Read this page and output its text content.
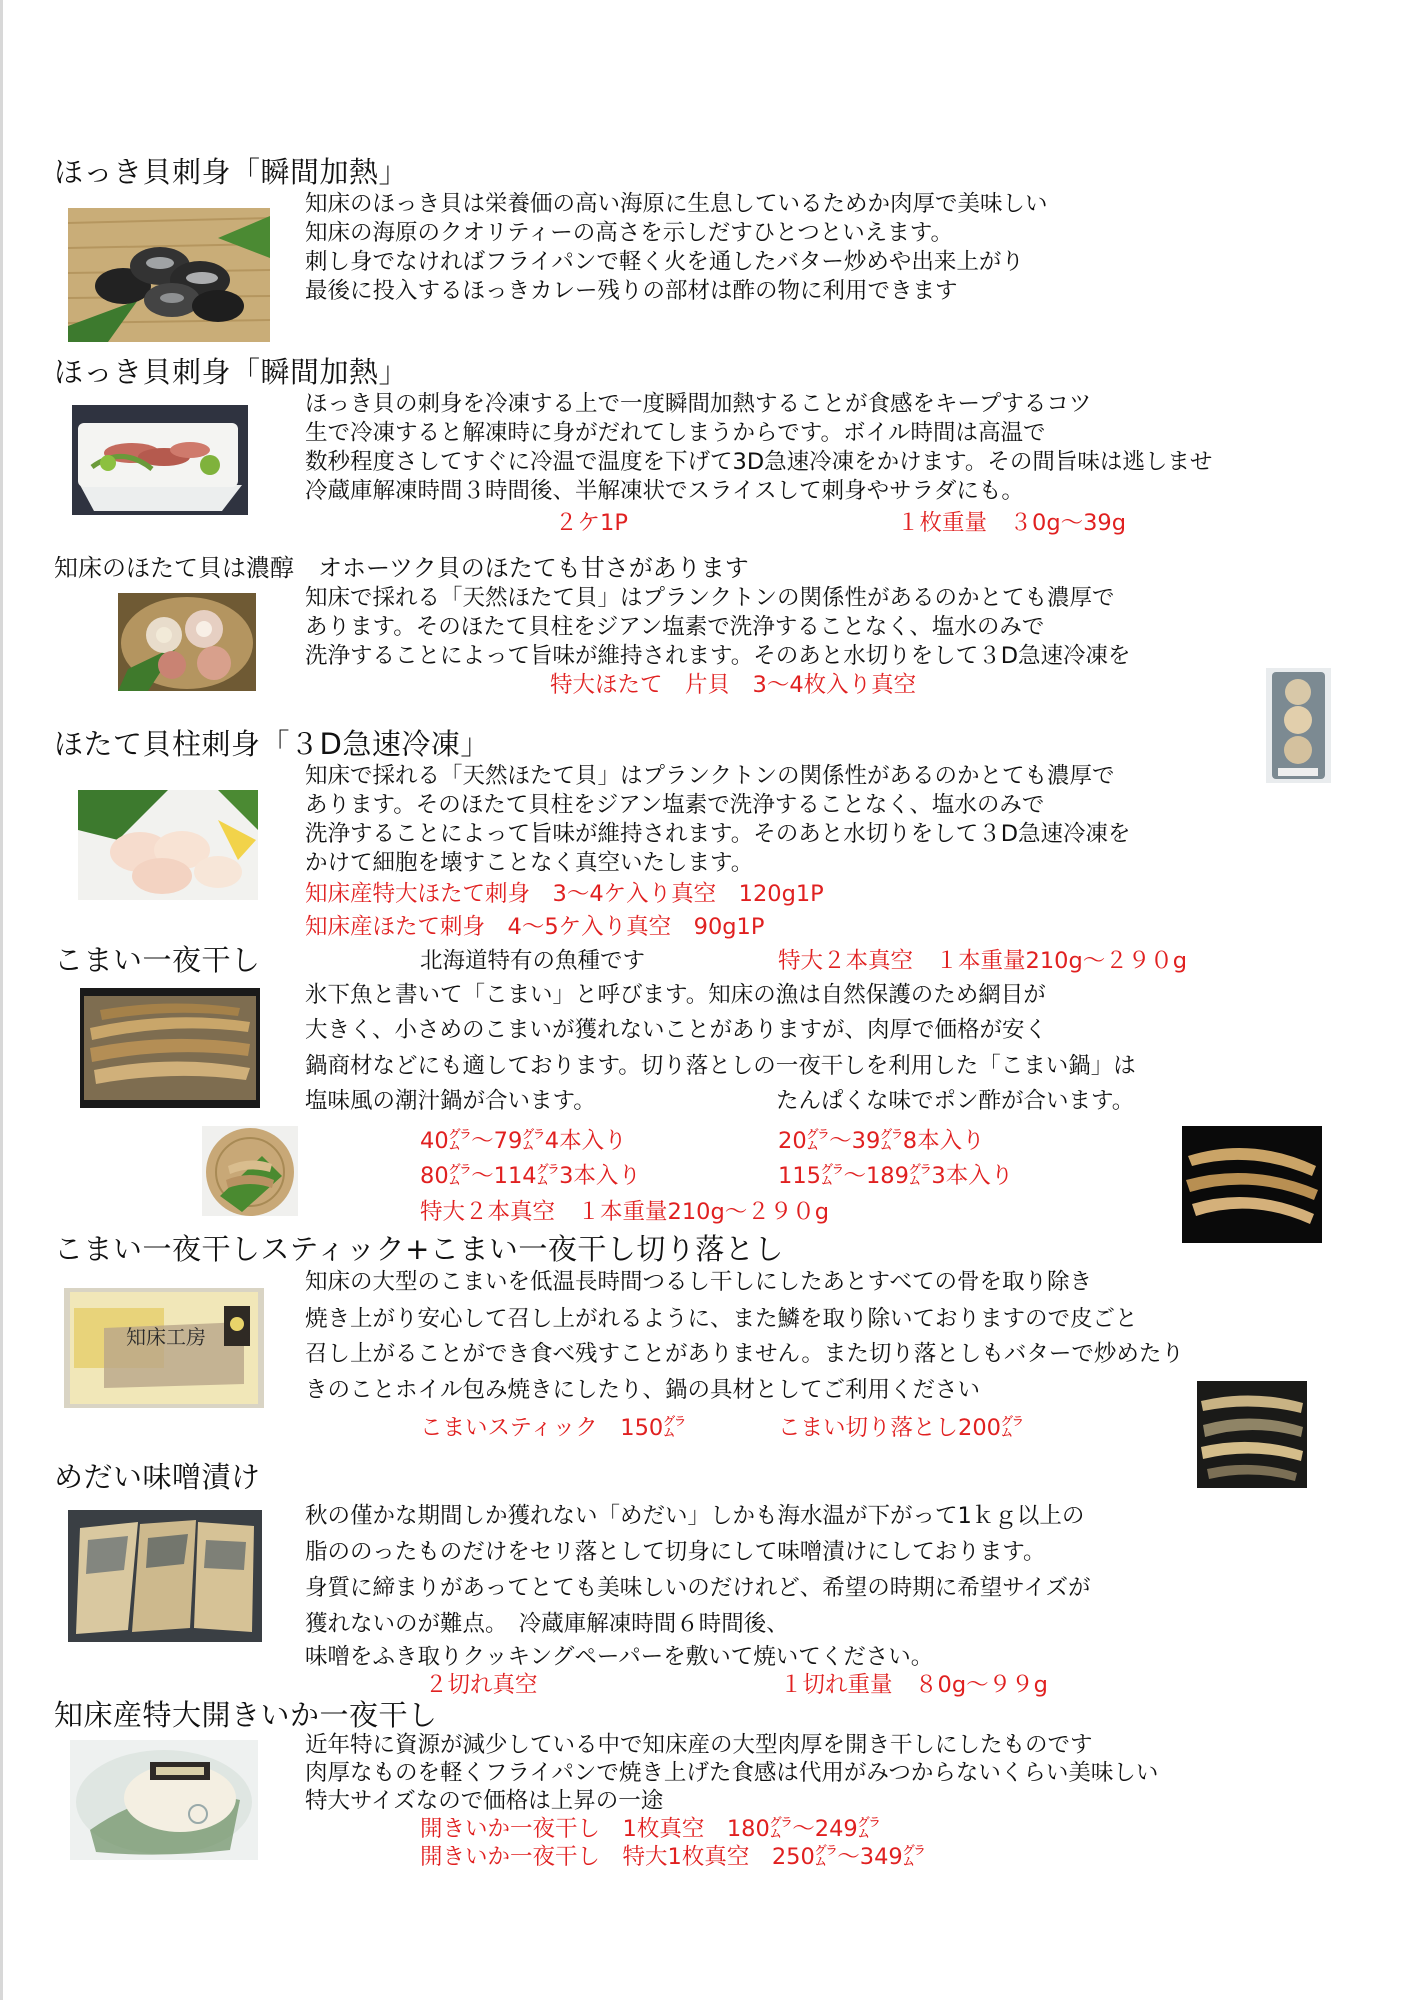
ほっき貝刺身「瞬間加熱」
知床のほっき貝は栄養価の高い海原に生息しているためか肉厚で美味しい
知床の海原のクオリティーの高さを示しだすひとつといえます。
刺し身でなければフライパンで軽く火を通したバター炒めや出来上がり
最後に投入するほっきカレー残りの部材は酢の物に利用できます
ほっき貝刺身「瞬間加熱」
ほっき貝の刺身を冷凍する上で一度瞬間加熱することが食感をキープするコツ
生で冷凍すると解凍時に身がだれてしまうからです。ボイル時間は高温で
数秒程度さしてすぐに冷温で温度を下げて3D急速冷凍をかけます。その間旨味は逃しませ
冷蔵庫解凍時間３時間後、半解凍状でスライスして刺身やサラダにも。
２ケ1P	１枚重量　３0g～39g
知床のほたて貝は濃醇　オホーツク貝のほたても甘さがあります
知床で採れる「天然ほたて貝」はプランクトンの関係性があるのかとても濃厚で
あります。そのほたて貝柱をジアン塩素で洗浄することなく、塩水のみで
洗浄することによって旨味が維持されます。そのあと水切りをして３D急速冷凍を
特大ほたて　片貝　3～4枚入り真空
ほたて貝柱刺身「３D急速冷凍」
知床で採れる「天然ほたて貝」はプランクトンの関係性があるのかとても濃厚で
あります。そのほたて貝柱をジアン塩素で洗浄することなく、塩水のみで
洗浄することによって旨味が維持されます。そのあと水切りをして３D急速冷凍を
かけて細胞を壊すことなく真空いたします。
知床産特大ほたて刺身　3～4ケ入り真空　120g1P
知床産ほたて刺身　4～5ケ入り真空　90g1P
こまい一夜干し	北海道特有の魚種です	特大２本真空　１本重量210g～２９０g
氷下魚と書いて「こまい」と呼びます。知床の漁は自然保護のため網目が
大きく、小さめのこまいが獲れないことがありますが、肉厚で価格が安く
鍋商材などにも適しております。切り落としの一夜干しを利用した「こまい鍋」は
塩味風の潮汁鍋が合います。	たんぱくな味でポン酢が合います。
40㌘～79㌘4本入り	20㌘～39㌘8本入り
80㌘～114㌘3本入り	115㌘～189㌘3本入り
特大２本真空　１本重量210g～２９０g
こまい一夜干しスティック+こまい一夜干し切り落とし
知床工房
知床の大型のこまいを低温長時間つるし干しにしたあとすべての骨を取り除き
焼き上がり安心して召し上がれるように、また鱗を取り除いておりますので皮ごと
召し上がることができ食べ残すことがありません。また切り落としもバターで炒めたり
きのことホイル包み焼きにしたり、鍋の具材としてご利用ください
こまいスティック　150㌘	こまい切り落とし200㌘
めだい味噌漬け
秋の僅かな期間しか獲れない「めだい」しかも海水温が下がって1ｋｇ以上の
脂ののったものだけをセリ落として切身にして味噌漬けにしております。
身質に締まりがあってとても美味しいのだけれど、希望の時期に希望サイズが
獲れないのが難点。　冷蔵庫解凍時間６時間後、
味噌をふき取りクッキングペーパーを敷いて焼いてください。
２切れ真空	１切れ重量　８0g～９９g
知床産特大開きいか一夜干し
近年特に資源が減少している中で知床産の大型肉厚を開き干しにしたものです
肉厚なものを軽くフライパンで焼き上げた食感は代用がみつからないくらい美味しい
特大サイズなので価格は上昇の一途
開きいか一夜干し　1枚真空　180㌘～249㌘
開きいか一夜干し　特大1枚真空　250㌘～349㌘
